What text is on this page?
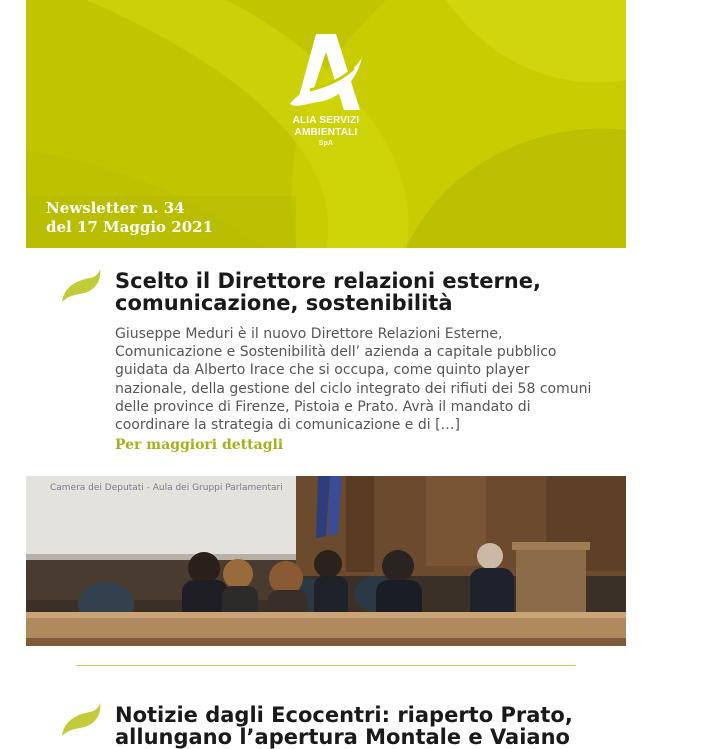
ALIA SERVIZI
AMBIENTALI
SpA
Newsletter n. 34
del 17 Maggio 2021
Scelto il Direttore relazioni esterne,
comunicazione, sostenibilità
Giuseppe Meduri è il nuovo Direttore Relazioni Esterne, Comunicazione e Sostenibilità dell’ azienda a capitale pubblico guidata da Alberto Irace che si occupa, come quinto player nazionale, della gestione del ciclo integrato dei rifiuti dei 58 comuni delle province di Firenze, Pistoia e Prato. Avrà il mandato di coordinare la strategia di comunicazione e di […]
Per maggiori dettagli
Camera dei Deputati - Aula dei Gruppi Parlamentari
Notizie dagli Ecocentri: riaperto Prato,
allungano l’apertura Montale e Vaiano
